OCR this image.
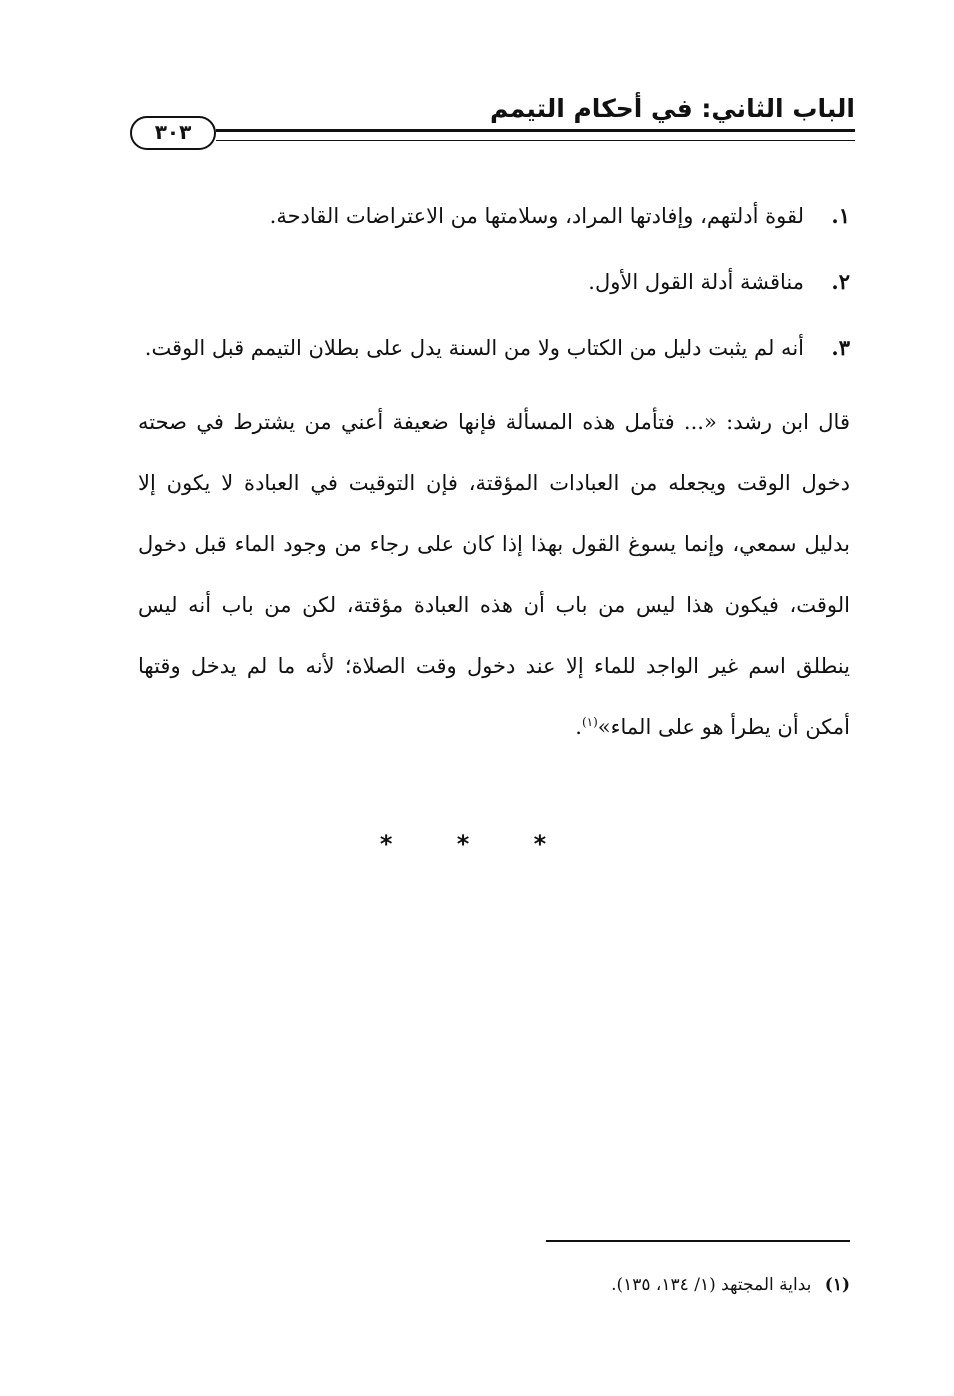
الباب الثاني: في أحكام التيمم
٣٠٣
١.
لقوة أدلتهم، وإفادتها المراد، وسلامتها من الاعتراضات القادحة.
٢.
مناقشة أدلة القول الأول.
٣.
أنه لم يثبت دليل من الكتاب ولا من السنة يدل على بطلان التيمم قبل الوقت.

قال ابن رشد: «... فتأمل هذه المسألة فإنها ضعيفة أعني من يشترط في صحته دخول الوقت ويجعله من العبادات المؤقتة، فإن التوقيت في العبادة لا يكون إلا بدليل سمعي، وإنما يسوغ القول بهذا إذا كان على رجاء من وجود الماء قبل دخول الوقت، فيكون هذا ليس من باب أن هذه العبادة مؤقتة، لكن من باب أنه ليس ينطلق اسم غير الواجد للماء إلا عند دخول وقت الصلاة؛ لأنه ما لم يدخل وقتها أمكن أن يطرأ هو على الماء»$^{(١)}$.

* * *
(١) بداية المجتهد (١/ ١٣٤، ١٣٥).
